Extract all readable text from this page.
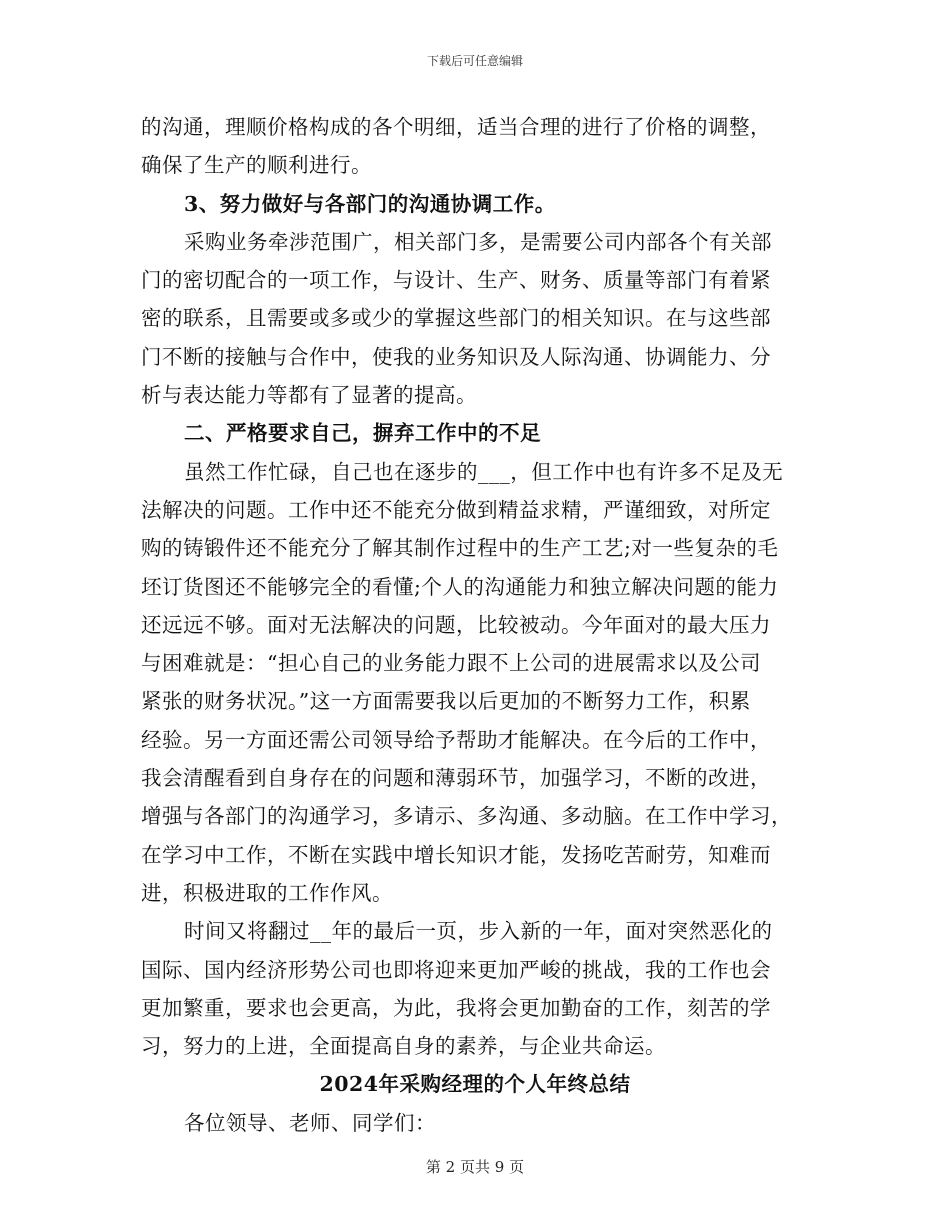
下载后可任意编辑
的沟通，理顺价格构成的各个明细，适当合理的进行了价格的调整，
确保了生产的顺利进行。
3、努力做好与各部门的沟通协调工作。
采购业务牵涉范围广，相关部门多，是需要公司内部各个有关部
门的密切配合的一项工作，与设计、生产、财务、质量等部门有着紧
密的联系，且需要或多或少的掌握这些部门的相关知识。在与这些部
门不断的接触与合作中，使我的业务知识及人际沟通、协调能力、分
析与表达能力等都有了显著的提高。
二、严格要求自己，摒弃工作中的不足
虽然工作忙碌，自己也在逐步的___，但工作中也有许多不足及无
法解决的问题。工作中还不能充分做到精益求精，严谨细致，对所定
购的铸锻件还不能充分了解其制作过程中的生产工艺;对一些复杂的毛
坯订货图还不能够完全的看懂;个人的沟通能力和独立解决问题的能力
还远远不够。面对无法解决的问题，比较被动。今年面对的最大压力
与困难就是：“担心自己的业务能力跟不上公司的进展需求以及公司
紧张的财务状况。”这一方面需要我以后更加的不断努力工作，积累
经验。另一方面还需公司领导给予帮助才能解决。在今后的工作中，
我会清醒看到自身存在的问题和薄弱环节，加强学习，不断的改进，
增强与各部门的沟通学习，多请示、多沟通、多动脑。在工作中学习，
在学习中工作，不断在实践中增长知识才能，发扬吃苦耐劳，知难而
进，积极进取的工作作风。
时间又将翻过__年的最后一页，步入新的一年，面对突然恶化的
国际、国内经济形势公司也即将迎来更加严峻的挑战，我的工作也会
更加繁重，要求也会更高，为此，我将会更加勤奋的工作，刻苦的学
习，努力的上进，全面提高自身的素养，与企业共命运。
2024年采购经理的个人年终总结
各位领导、老师、同学们：
第 2 页共 9 页
